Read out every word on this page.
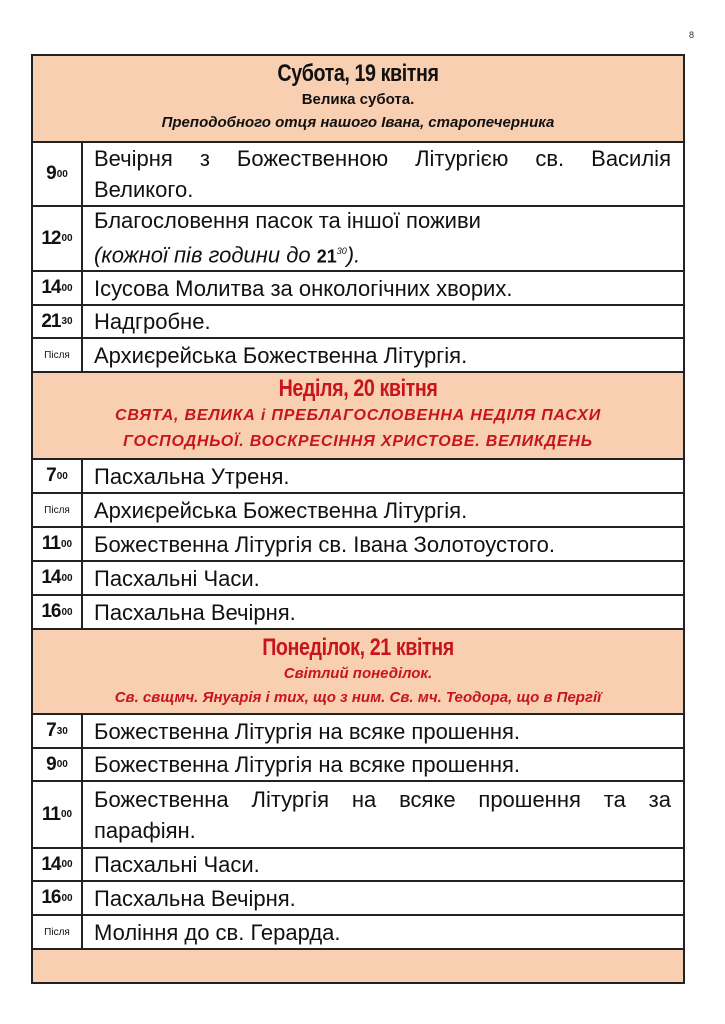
8
Субота, 19 квітня
Велика субота.
Преподобного отця нашого Івана, старопечерника
9 00
Вечірня з Божественною Літургією св. Василія Великого.
12 00
Благословення пасок та іншої поживи
(кожної пів години до $21^{30}$).
14 00 Ісусова Молитва за онкологічних хворих.
21 30 Надгробне.
Після Архиєрейська Божественна Літургія.
Неділя, 20 квітня
СВЯТА, ВЕЛИКА і ПРЕБЛАГОСЛОВЕННА НЕДІЛЯ ПАСХИ
ГОСПОДНЬОЇ. ВОСКРЕСІННЯ ХРИСТОВЕ. ВЕЛИКДЕНЬ
7 00 Пасхальна Утреня.
Після Архиєрейська Божественна Літургія.
11 00 Божественна Літургія св. Івана Золотоустого.
14 00 Пасхальні Часи.
16 00 Пасхальна Вечірня.
Понеділок, 21 квітня
Світлий понеділок.
Св. свщмч. Януарія і тих, що з ним. Св. мч. Теодора, що в Пергії
7 30 Божественна Літургія на всяке прошення.
9 00 Божественна Літургія на всяке прошення.
11 00
Божественна Літургія на всяке прошення та за парафіян.
14 00 Пасхальні Часи.
16 00 Пасхальна Вечірня.
Після Моління до св. Герарда.
